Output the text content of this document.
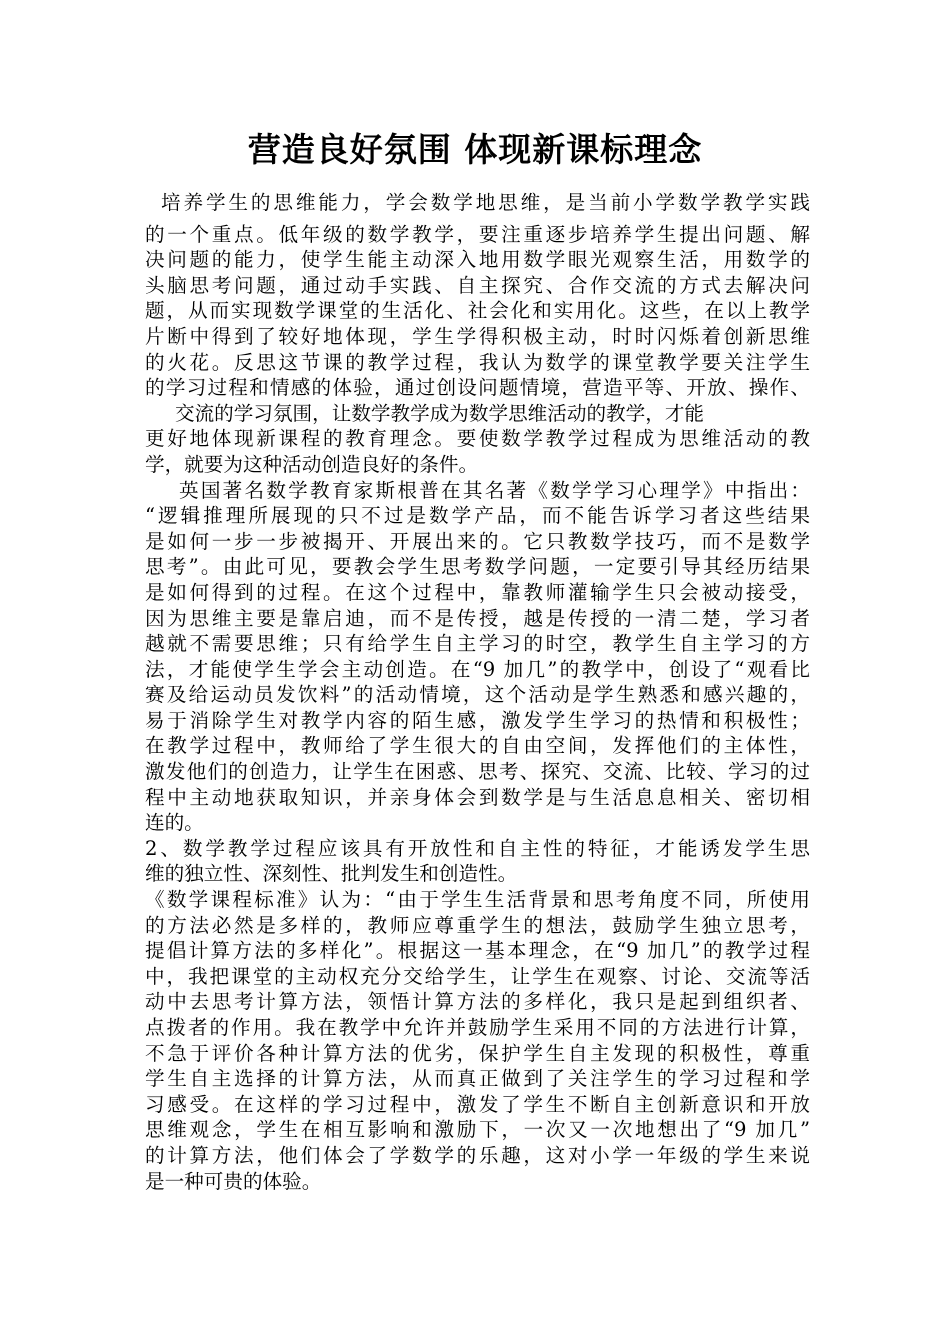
营造良好氛围 体现新课标理念
培养学生的思维能力，学会数学地思维，是当前小学数学教学实践
的一个重点。低年级的数学教学，要注重逐步培养学生提出问题、解
决问题的能力，使学生能主动深入地用数学眼光观察生活，用数学的
头脑思考问题，通过动手实践、自主探究、合作交流的方式去解决问
题，从而实现数学课堂的生活化、社会化和实用化。这些，在以上教学
片断中得到了较好地体现，学生学得积极主动，时时闪烁着创新思维
的火花。反思这节课的教学过程，我认为数学的课堂教学要关注学生
的学习过程和情感的体验，通过创设问题情境，营造平等、开放、操作、
交流的学习氛围，让数学教学成为数学思维活动的教学，才能
更好地体现新课程的教育理念。要使数学教学过程成为思维活动的教
学，就要为这种活动创造良好的条件。
英国著名数学教育家斯根普在其名著《数学学习心理学》中指出：
“逻辑推理所展现的只不过是数学产品，而不能告诉学习者这些结果
是如何一步一步被揭开、开展出来的。它只教数学技巧，而不是数学
思考”。由此可见，要教会学生思考数学问题，一定要引导其经历结果
是如何得到的过程。在这个过程中，靠教师灌输学生只会被动接受，
因为思维主要是靠启迪，而不是传授，越是传授的一清二楚，学习者
越就不需要思维；只有给学生自主学习的时空，教学生自主学习的方
法，才能使学生学会主动创造。在“9 加几”的教学中，创设了“观看比
赛及给运动员发饮料”的活动情境，这个活动是学生熟悉和感兴趣的，
易于消除学生对教学内容的陌生感，激发学生学习的热情和积极性；
在教学过程中，教师给了学生很大的自由空间，发挥他们的主体性，
激发他们的创造力，让学生在困惑、思考、探究、交流、比较、学习的过
程中主动地获取知识，并亲身体会到数学是与生活息息相关、密切相
连的。
2、数学教学过程应该具有开放性和自主性的特征，才能诱发学生思
维的独立性、深刻性、批判发生和创造性。
《数学课程标准》认为：“由于学生生活背景和思考角度不同，所使用
的方法必然是多样的，教师应尊重学生的想法，鼓励学生独立思考，
提倡计算方法的多样化”。根据这一基本理念，在“9 加几”的教学过程
中，我把课堂的主动权充分交给学生，让学生在观察、讨论、交流等活
动中去思考计算方法，领悟计算方法的多样化，我只是起到组织者、
点拨者的作用。我在教学中允许并鼓励学生采用不同的方法进行计算，
不急于评价各种计算方法的优劣，保护学生自主发现的积极性，尊重
学生自主选择的计算方法，从而真正做到了关注学生的学习过程和学
习感受。在这样的学习过程中，激发了学生不断自主创新意识和开放
思维观念，学生在相互影响和激励下，一次又一次地想出了“9 加几”
的计算方法，他们体会了学数学的乐趣，这对小学一年级的学生来说
是一种可贵的体验。
